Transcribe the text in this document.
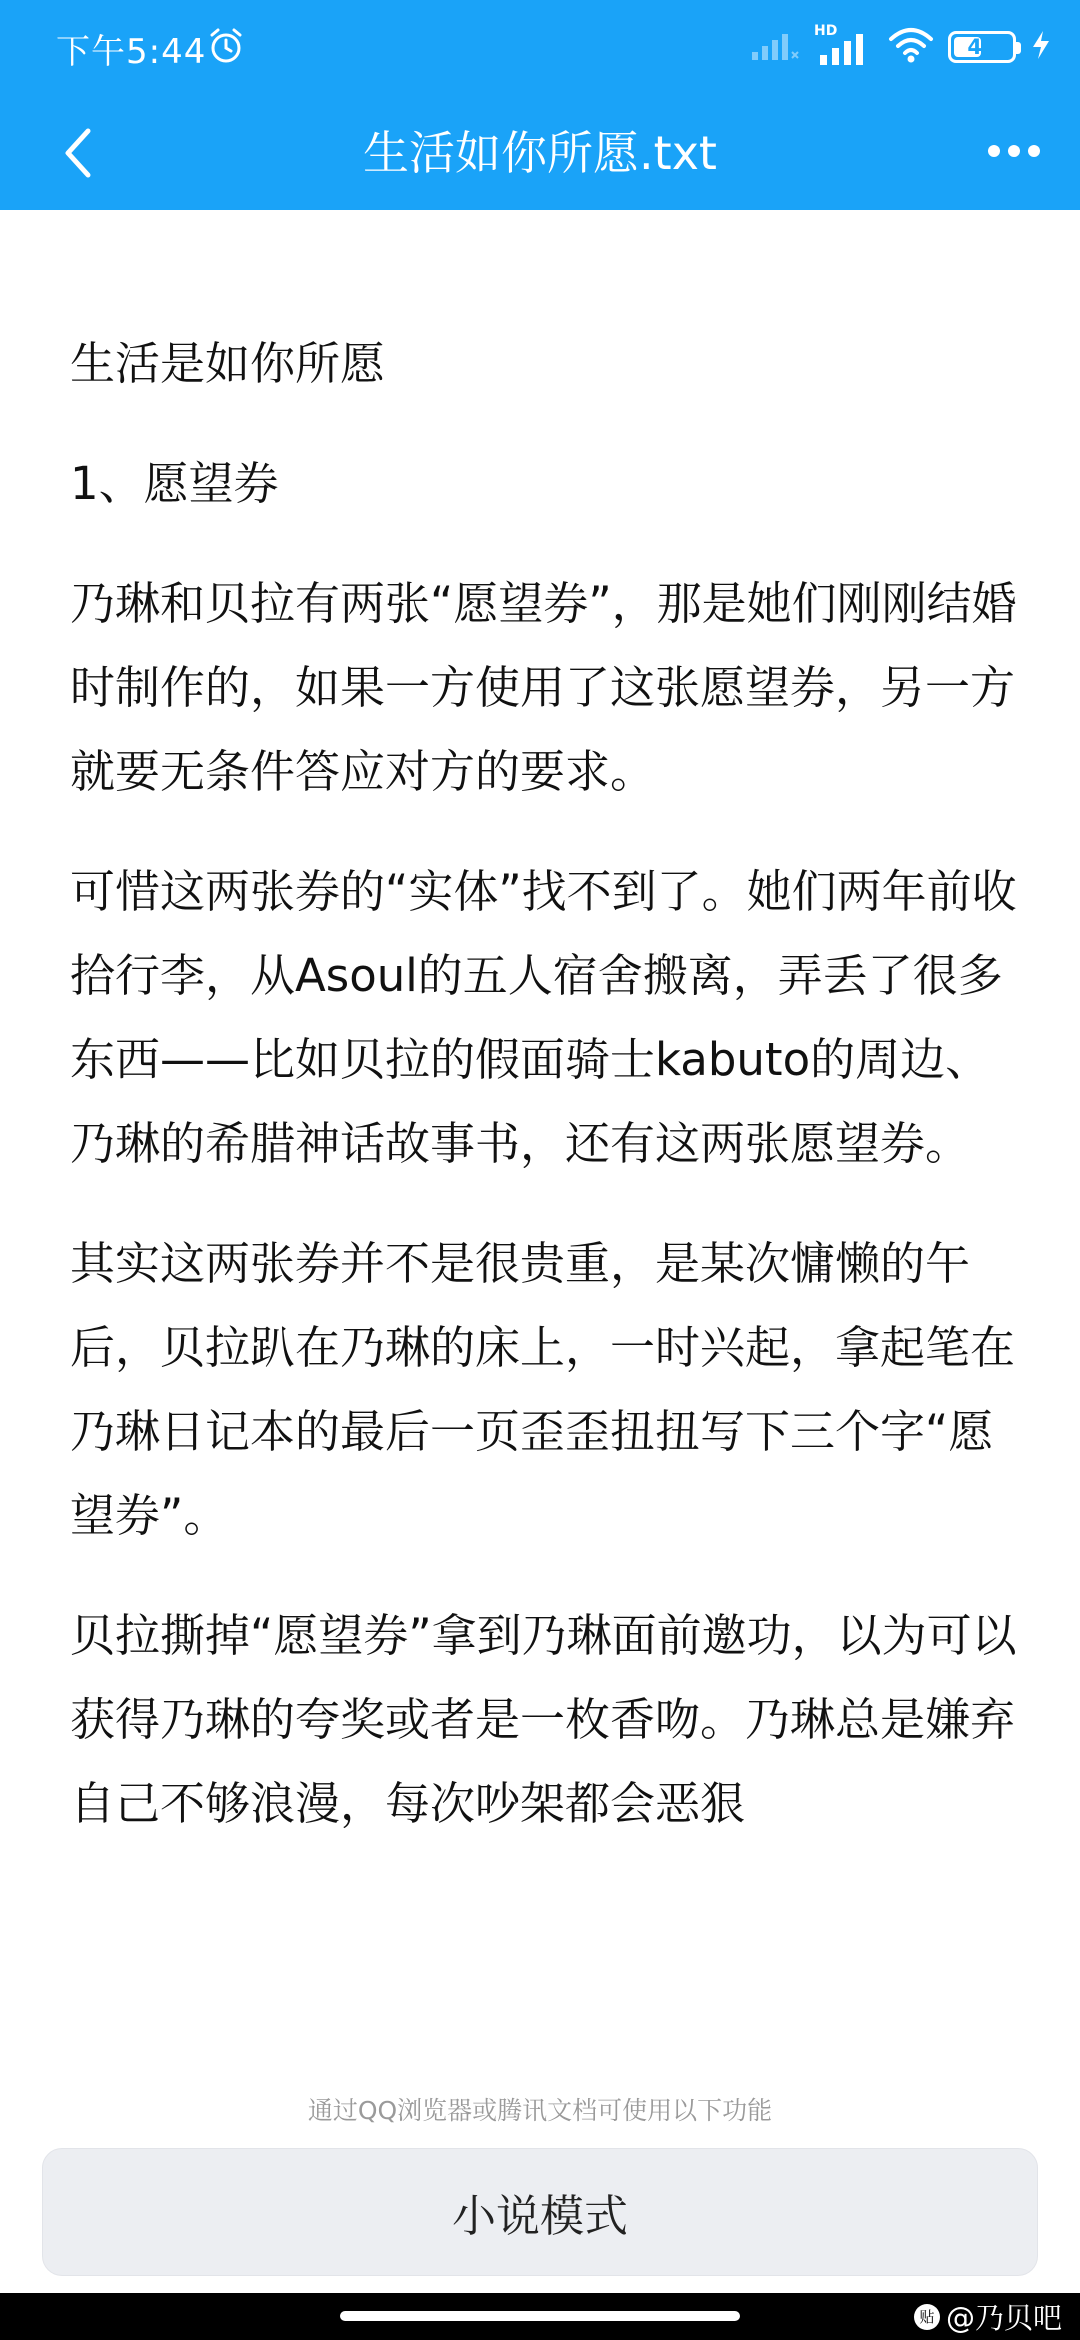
下午5:44
HD
49
生活如你所愿.txt

生活是如你所愿

1、愿望券

乃琳和贝拉有两张“愿望券”，那是她们刚刚结婚时制作的，如果一方使用了这张愿望券，另一方就要无条件答应对方的要求。

可惜这两张券的“实体”找不到了。她们两年前收拾行李，从Asoul的五人宿舍搬离，弄丢了很多东西——比如贝拉的假面骑士kabuto的周边、乃琳的希腊神话故事书，还有这两张愿望券。

其实这两张券并不是很贵重，是某次慵懒的午后，贝拉趴在乃琳的床上，一时兴起，拿起笔在乃琳日记本的最后一页歪歪扭扭写下三个字“愿望券”。

贝拉撕掉“愿望券”拿到乃琳面前邀功，以为可以获得乃琳的夸奖或者是一枚香吻。乃琳总是嫌弃自己不够浪漫，每次吵架都会恶狠

通过QQ浏览器或腾讯文档可使用以下功能
小说模式
贴 @乃贝吧
